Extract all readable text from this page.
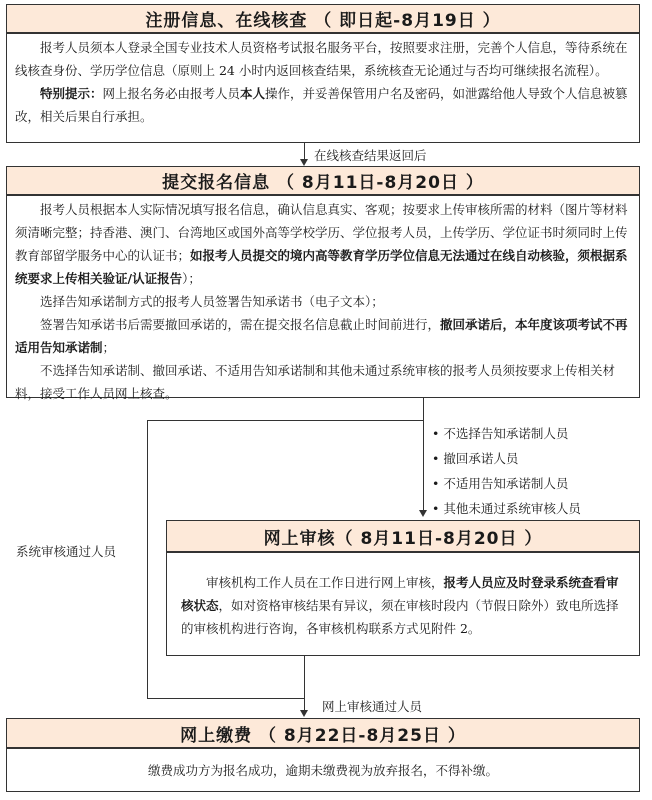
注册信息、在线核查 （ 即日起-8月19日 ）

报考人员须本人登录全国专业技术人员资格考试报名服务平台，按照要求注册，完善个人信息，等待系统在线核查身份、学历学位信息（原则上 24 小时内返回核查结果，系统核查无论通过与否均可继续报名流程）。

特别提示：网上报名务必由报考人员本人操作，并妥善保管用户名及密码，如泄露给他人导致个人信息被篡改，相关后果自行承担。

在线核查结果返回后
提交报名信息 （ 8月11日-8月20日 ）

报考人员根据本人实际情况填写报名信息，确认信息真实、客观；按要求上传审核所需的材料（图片等材料须清晰完整；持香港、澳门、台湾地区或国外高等学校学历、学位报考人员，上传学历、学位证书时须同时上传教育部留学服务中心的认证书；如报考人员提交的境内高等教育学历学位信息无法通过在线自动核验，须根据系统要求上传相关验证/认证报告）；

选择告知承诺制方式的报考人员签署告知承诺书（电子文本）；

签署告知承诺书后需要撤回承诺的，需在提交报名信息截止时间前进行，撤回承诺后，本年度该项考试不再适用告知承诺制；

不选择告知承诺制、撤回承诺、不适用告知承诺制和其他未通过系统审核的报考人员须按要求上传相关材料，接受工作人员网上核查。

• 不选择告知承诺制人员
• 撤回承诺人员
• 不适用告知承诺制人员
• 其他未通过系统审核人员
系统审核通过人员
网上审核（ 8月11日-8月20日 ）

审核机构工作人员在工作日进行网上审核，报考人员应及时登录系统查看审核状态，如对资格审核结果有异议，须在审核时段内（节假日除外）致电所选择的审核机构进行咨询，各审核机构联系方式见附件 2。

网上审核通过人员
网上缴费 （ 8月22日-8月25日 ）
缴费成功方为报名成功，逾期未缴费视为放弃报名，不得补缴。
